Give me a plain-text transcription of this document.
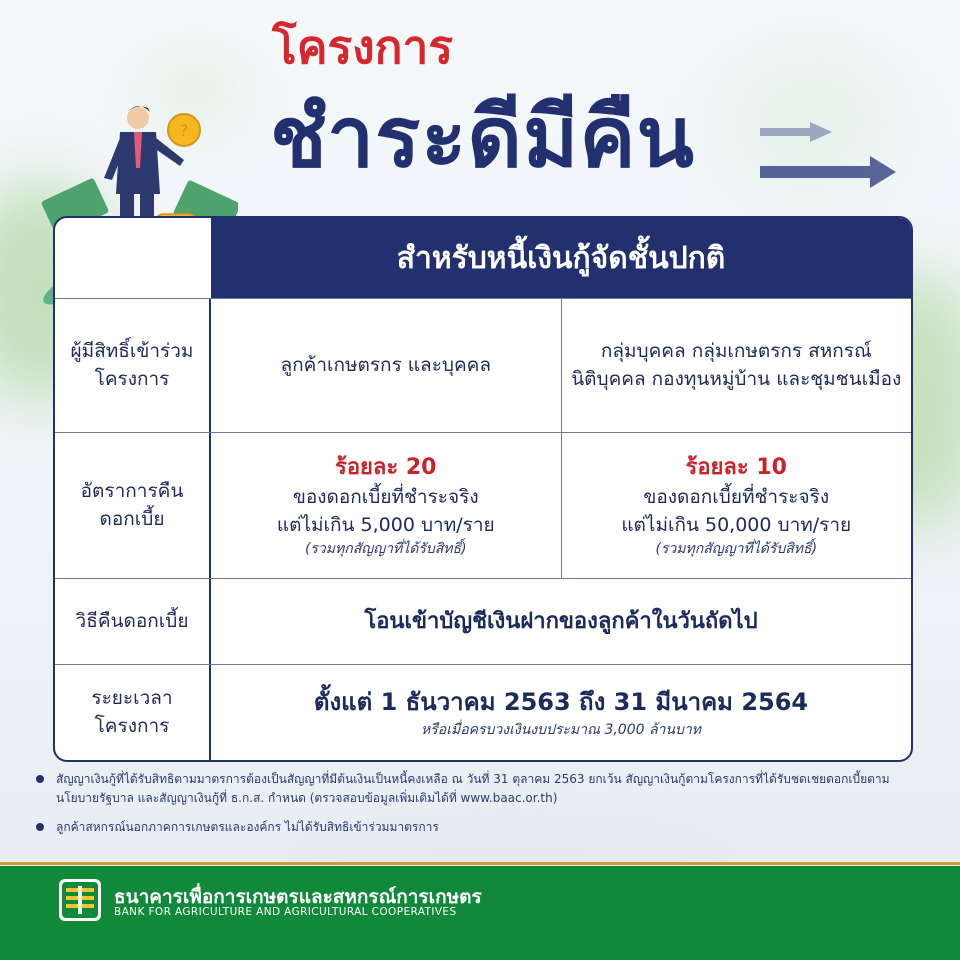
โครงการ
ชำระดีมีคืน
?
สำหรับหนี้เงินกู้จัดชั้นปกติ
ผู้มีสิทธิ์เข้าร่วม
โครงการ
ลูกค้าเกษตรกร และบุคคล
กลุ่มบุคคล กลุ่มเกษตรกร สหกรณ์
นิติบุคคล กองทุนหมู่บ้าน และชุมชนเมือง
อัตราการคืน
ดอกเบี้ย
ร้อยละ 20
ของดอกเบี้ยที่ชำระจริง
แต่ไม่เกิน 5,000 บาท/ราย
(รวมทุกสัญญาที่ได้รับสิทธิ์)
ร้อยละ 10
ของดอกเบี้ยที่ชำระจริง
แต่ไม่เกิน 50,000 บาท/ราย
(รวมทุกสัญญาที่ได้รับสิทธิ์)
วิธีคืนดอกเบี้ย	โอนเข้าบัญชีเงินฝากของลูกค้าในวันถัดไป
ระยะเวลา
โครงการ
ตั้งแต่ 1 ธันวาคม 2563 ถึง 31 มีนาคม 2564
หรือเมื่อครบวงเงินงบประมาณ 3,000 ล้านบาท
สัญญาเงินกู้ที่ได้รับสิทธิตามมาตรการต้องเป็นสัญญาที่มีต้นเงินเป็นหนี้คงเหลือ ณ วันที่ 31 ตุลาคม 2563 ยกเว้น สัญญาเงินกู้ตามโครงการที่ได้รับชดเชยดอกเบี้ยตามนโยบายรัฐบาล และสัญญาเงินกู้ที่ ธ.ก.ส. กำหนด (ตรวจสอบข้อมูลเพิ่มเติมได้ที่ www.baac.or.th)
ลูกค้าสหกรณ์นอกภาคการเกษตรและองค์กร ไม่ได้รับสิทธิเข้าร่วมมาตรการ

ธนาคารเพื่อการเกษตรและสหกรณ์การเกษตร

BANK FOR AGRICULTURE AND AGRICULTURAL COOPERATIVES
